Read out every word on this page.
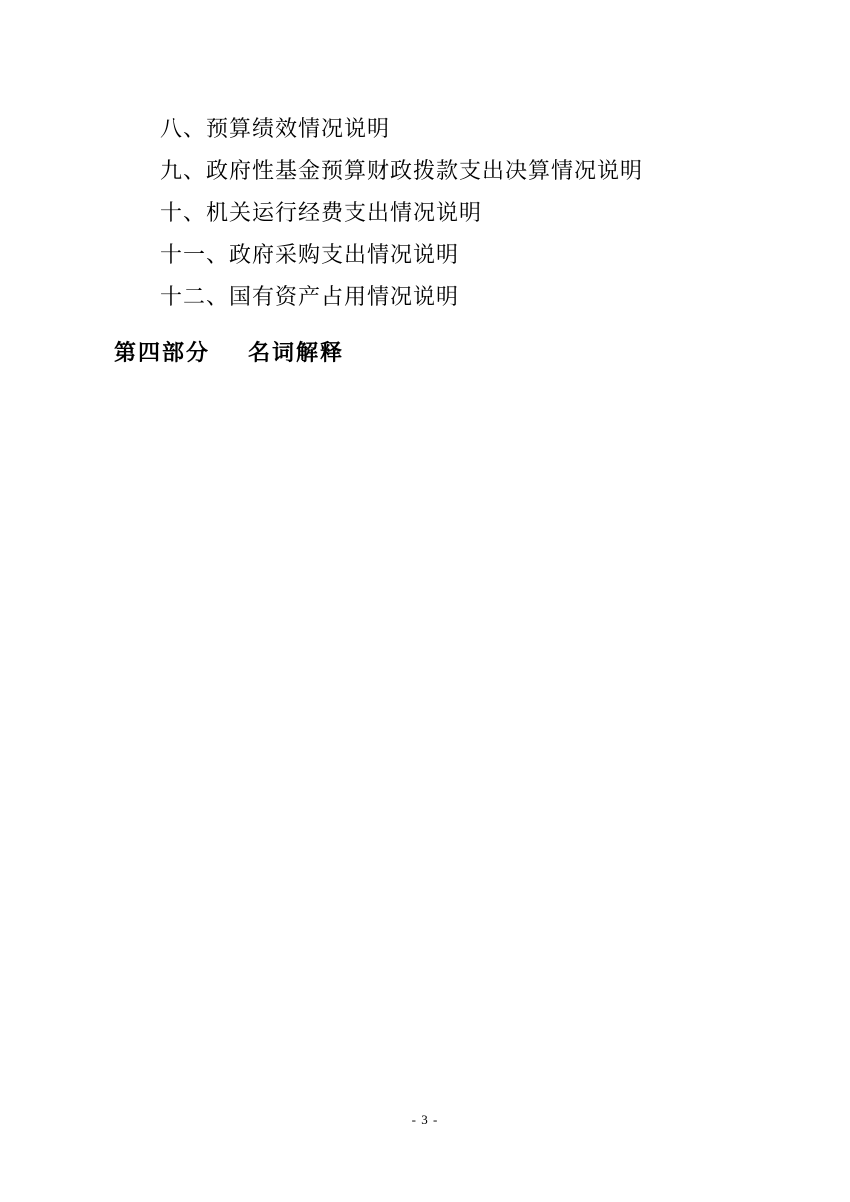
八、预算绩效情况说明

九、政府性基金预算财政拨款支出决算情况说明

十、机关运行经费支出情况说明

十一、政府采购支出情况说明

十二、国有资产占用情况说明

第四部分 名词解释

- 3 -
